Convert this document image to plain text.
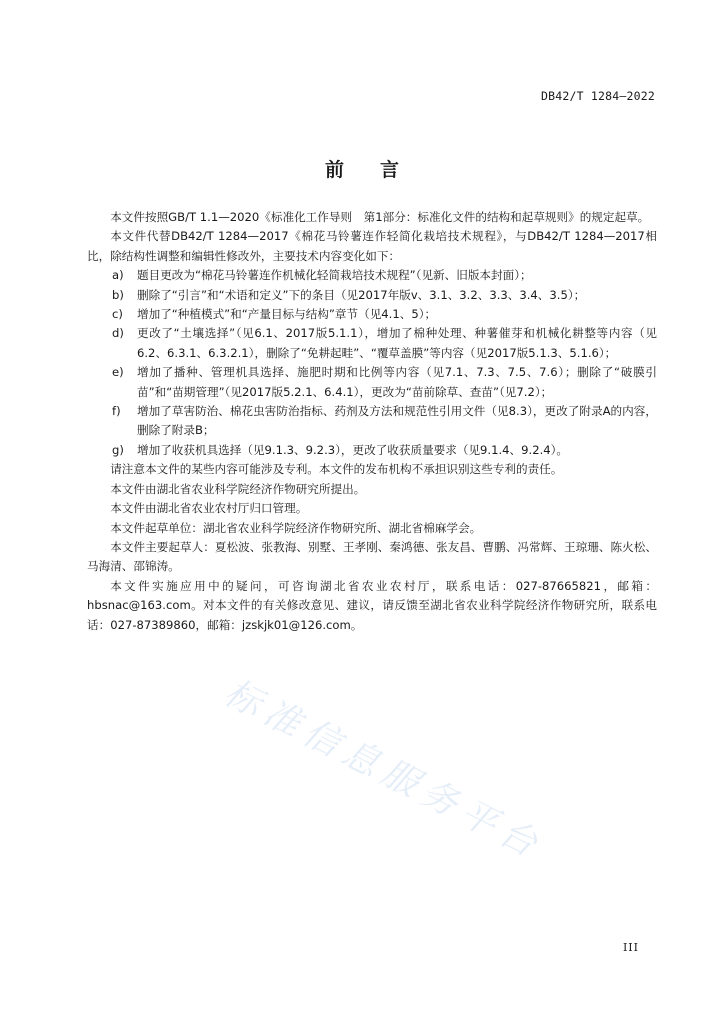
DB42/T 1284—2022
前言

本文件按照GB/T 1.1—2020《标准化工作导则　第1部分：标准化文件的结构和起草规则》的规定起草。

本文件代替DB42/T 1284—2017《棉花马铃薯连作轻简化栽培技术规程》，与DB42/T 1284—2017相比，除结构性调整和编辑性修改外，主要技术内容变化如下：

a)	题目更改为“棉花马铃薯连作机械化轻简栽培技术规程”（见新、旧版本封面）；
b)	删除了“引言”和“术语和定义”下的条目（见2017年版ⅴ、3.1、3.2、3.3、3.4、3.5）；
c)	增加了“种植模式”和“产量目标与结构”章节（见4.1、5）；
d)	更改了“土壤选择”（见6.1、2017版5.1.1），增加了棉种处理、种薯催芽和机械化耕整等内容（见6.2、6.3.1、6.3.2.1），删除了“免耕起畦”、“覆草盖膜”等内容（见2017版5.1.3、5.1.6）；
e)	增加了播种、管理机具选择、施肥时期和比例等内容（见7.1、7.3、7.5、7.6）；删除了“破膜引苗”和“苗期管理”（见2017版5.2.1、6.4.1），更改为“苗前除草、查苗”（见7.2）；
f)	增加了草害防治、棉花虫害防治指标、药剂及方法和规范性引用文件（见8.3），更改了附录A的内容，删除了附录B；
g)	增加了收获机具选择（见9.1.3、9.2.3），更改了收获质量要求（见9.1.4、9.2.4）。

请注意本文件的某些内容可能涉及专利。本文件的发布机构不承担识别这些专利的责任。

本文件由湖北省农业科学院经济作物研究所提出。

本文件由湖北省农业农村厅归口管理。

本文件起草单位：湖北省农业科学院经济作物研究所、湖北省棉麻学会。

本文件主要起草人：夏松波、张教海、别墅、王孝刚、秦鸿德、张友昌、曹鹏、冯常辉、王琼珊、陈火松、马海清、邵锦涛。

本文件实施应用中的疑问，可咨询湖北省农业农村厅，联系电话：027-87665821，邮箱：hbsnac@163.com。对本文件的有关修改意见、建议，请反馈至湖北省农业科学院经济作物研究所，联系电话：027-87389860，邮箱：jzskjk01@126.com。

标准信息服务平台
III
